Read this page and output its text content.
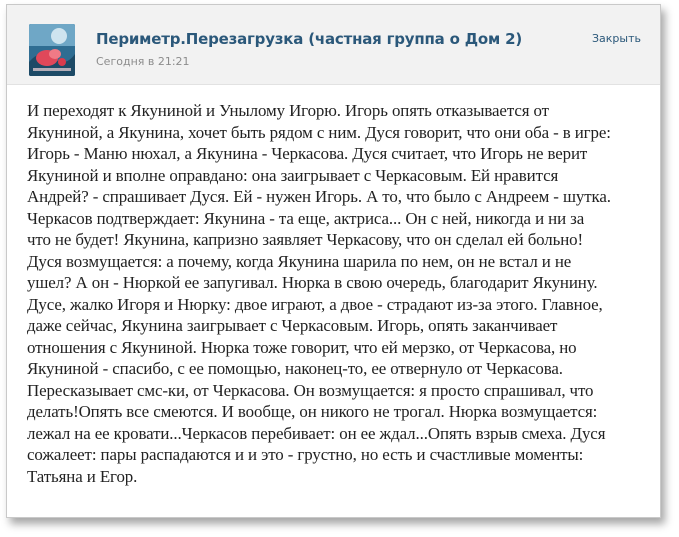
Периметр.Перезагрузка (частная группа о Дом 2)
Сегодня в 21:21
Закрыть

И переходят к Якуниной и Унылому Игорю. Игорь опять отказывается от
Якуниной, а Якунина, хочет быть рядом с ним. Дуся говорит, что они оба - в игре:
Игорь - Маню нюхал, а Якунина - Черкасова. Дуся считает, что Игорь не верит
Якуниной и вполне оправдано: она заигрывает с Черкасовым. Ей нравится
Андрей? - спрашивает Дуся. Ей - нужен Игорь. А то, что было с Андреем - шутка.
Черкасов подтверждает: Якунина - та еще, актриса... Он с ней, никогда и ни за
что не будет! Якунина, капризно заявляет Черкасову, что он сделал ей больно!
Дуся возмущается: а почему, когда Якунина шарила по нем, он не встал и не
ушел? А он - Нюркой ее запугивал. Нюрка в свою очередь, благодарит Якунину.
Дусе, жалко Игоря и Нюрку: двое играют, а двое - страдают из-за этого. Главное,
даже сейчас, Якунина заигрывает с Черкасовым. Игорь, опять заканчивает
отношения с Якуниной. Нюрка тоже говорит, что ей мерзко, от Черкасова, но
Якуниной - спасибо, с ее помощью, наконец-то, ее отвернуло от Черкасова.
Пересказывает смс-ки, от Черкасова. Он возмущается: я просто спрашивал, что
делать!Опять все смеются. И вообще, он никого не трогал. Нюрка возмущается:
лежал на ее кровати...Черкасов перебивает: он ее ждал...Опять взрыв смеха. Дуся
сожалеет: пары распадаются и и это - грустно, но есть и счастливые моменты:
Татьяна и Егор.
